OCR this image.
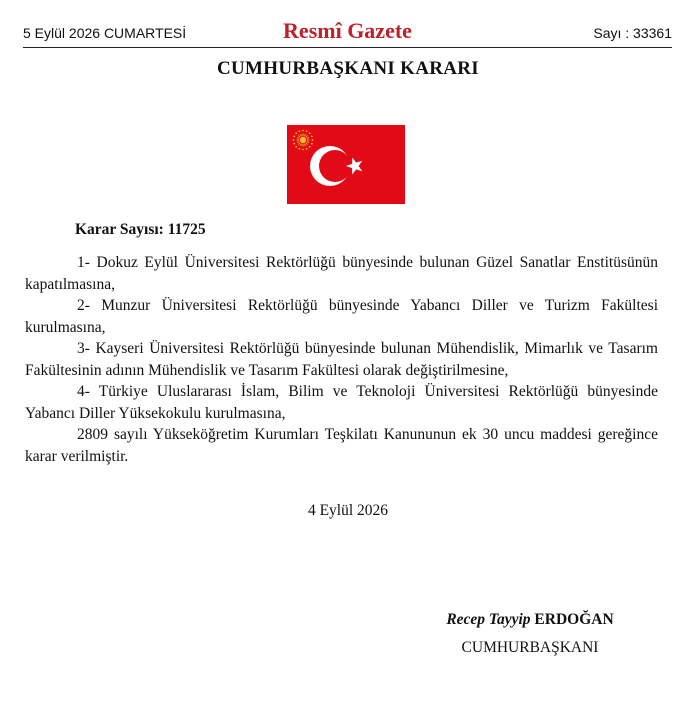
5 Eylül 2026 CUMARTESİ	Resmî Gazete	Sayı : 33361
CUMHURBAŞKANI KARARI
Karar Sayısı: 11725

1- Dokuz Eylül Üniversitesi Rektörlüğü bünyesinde bulunan Güzel Sanatlar Enstitüsünün kapatılmasına,

2- Munzur Üniversitesi Rektörlüğü bünyesinde Yabancı Diller ve Turizm Fakültesi kurulmasına,

3- Kayseri Üniversitesi Rektörlüğü bünyesinde bulunan Mühendislik, Mimarlık ve Tasarım Fakültesinin adının Mühendislik ve Tasarım Fakültesi olarak değiştirilmesine,

4- Türkiye Uluslararası İslam, Bilim ve Teknoloji Üniversitesi Rektörlüğü bünyesinde Yabancı Diller Yüksekokulu kurulmasına,

2809 sayılı Yükseköğretim Kurumları Teşkilatı Kanununun ek 30 uncu maddesi gereğince karar verilmiştir.

4 Eylül 2026
Recep Tayyip ERDOĞAN
CUMHURBAŞKANI
